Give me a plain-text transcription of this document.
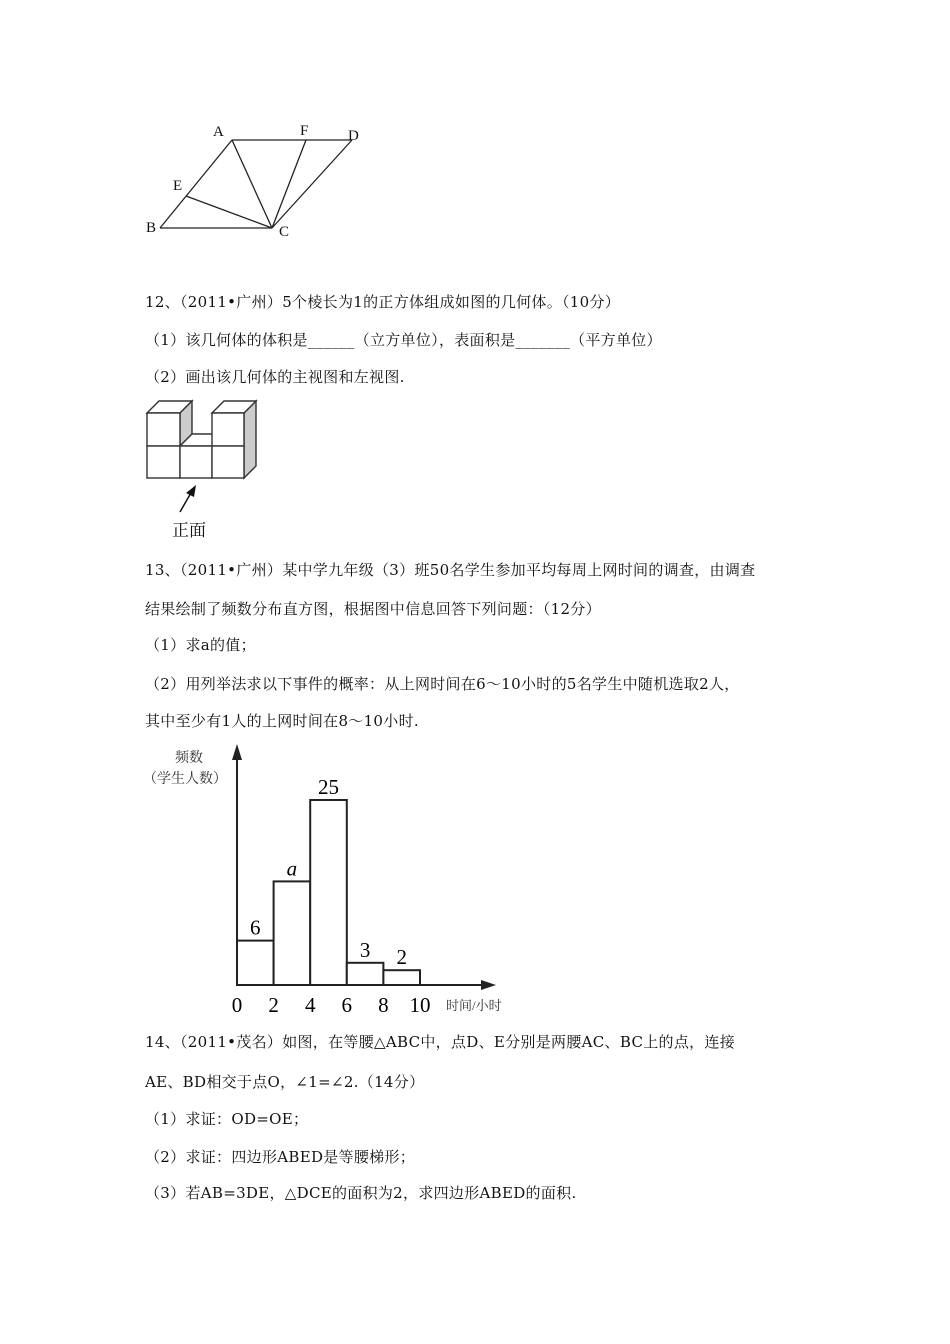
A	F	D
E
B	C
12、（2011•广州）5个棱长为1的正方体组成如图的几何体。（10分）
（1）该几何体的体积是______（立方单位），表面积是_______（平方单位）
（2）画出该几何体的主视图和左视图.
正面
13、（2011•广州）某中学九年级（3）班50名学生参加平均每周上网时间的调查，由调查
结果绘制了频数分布直方图，根据图中信息回答下列问题：（12分）
（1）求a的值；
（2）用列举法求以下事件的概率：从上网时间在6～10小时的5名学生中随机选取2人，
其中至少有1人的上网时间在8～10小时.
频数
（学生人数）
时间/小时
0 2 4 6 8 10
6
a
25
3 2
14、（2011•茂名）如图，在等腰△ABC中，点D、E分别是两腰AC、BC上的点，连接
AE、BD相交于点O，∠1=∠2.（14分）
（1）求证：OD=OE；
（2）求证：四边形ABED是等腰梯形；
（3）若AB=3DE，△DCE的面积为2，求四边形ABED的面积.
